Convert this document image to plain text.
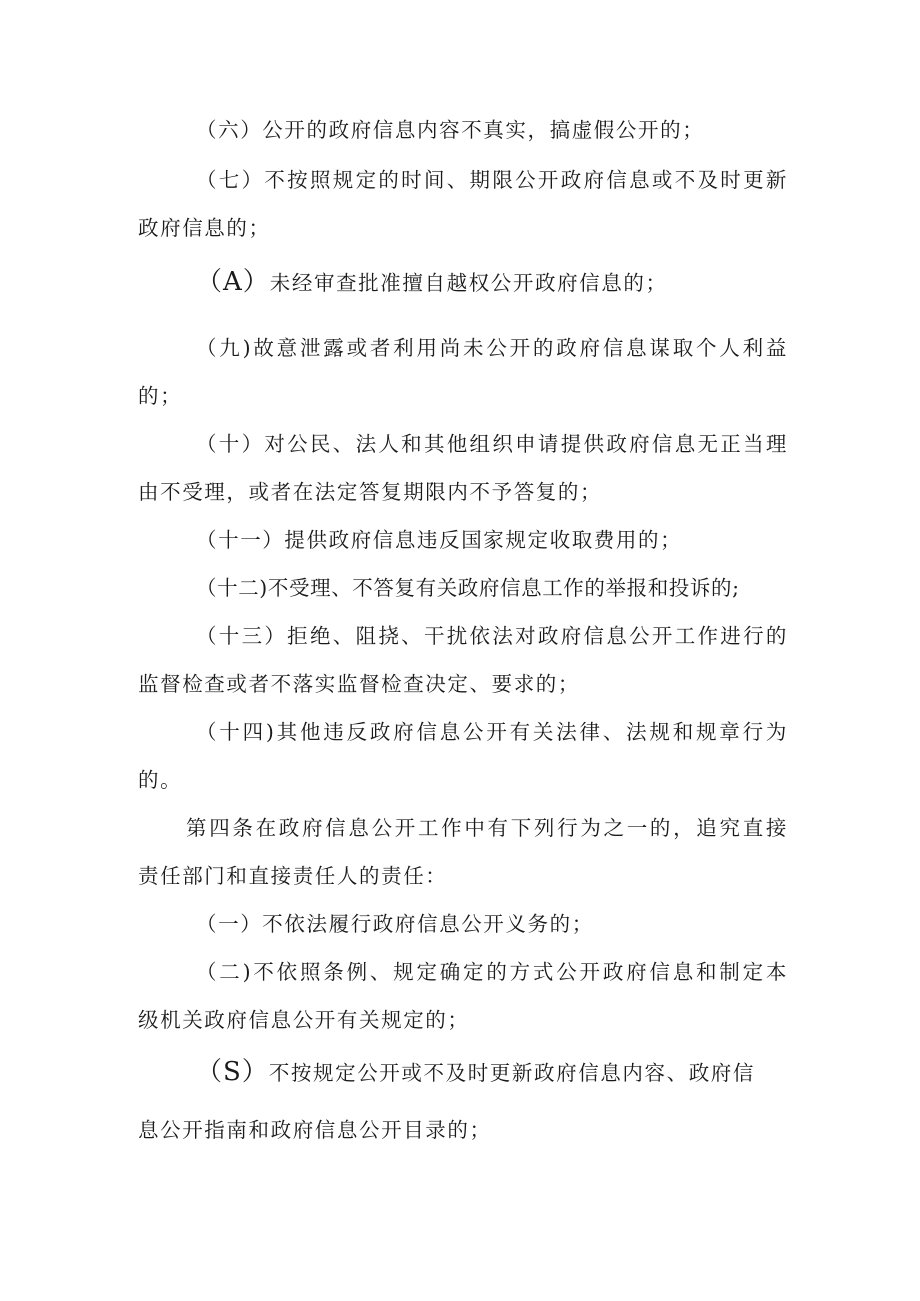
（六）公开的政府信息内容不真实，搞虚假公开的；
（七）不按照规定的时间、期限公开政府信息或不及时更新
政府信息的；
（A）未经审查批准擅自越权公开政府信息的；
（九)故意泄露或者利用尚未公开的政府信息谋取个人利益
的；
（十）对公民、法人和其他组织申请提供政府信息无正当理
由不受理，或者在法定答复期限内不予答复的；
（十一）提供政府信息违反国家规定收取费用的；
（十二)不受理、不答复有关政府信息工作的举报和投诉的;
（十三）拒绝、阻挠、干扰依法对政府信息公开工作进行的
监督检查或者不落实监督检查决定、要求的；
（十四)其他违反政府信息公开有关法律、法规和规章行为
的。
第四条在政府信息公开工作中有下列行为之一的，追究直接
责任部门和直接责任人的责任：
（一）不依法履行政府信息公开义务的；
（二)不依照条例、规定确定的方式公开政府信息和制定本
级机关政府信息公开有关规定的；
（S）不按规定公开或不及时更新政府信息内容、政府信
息公开指南和政府信息公开目录的；
